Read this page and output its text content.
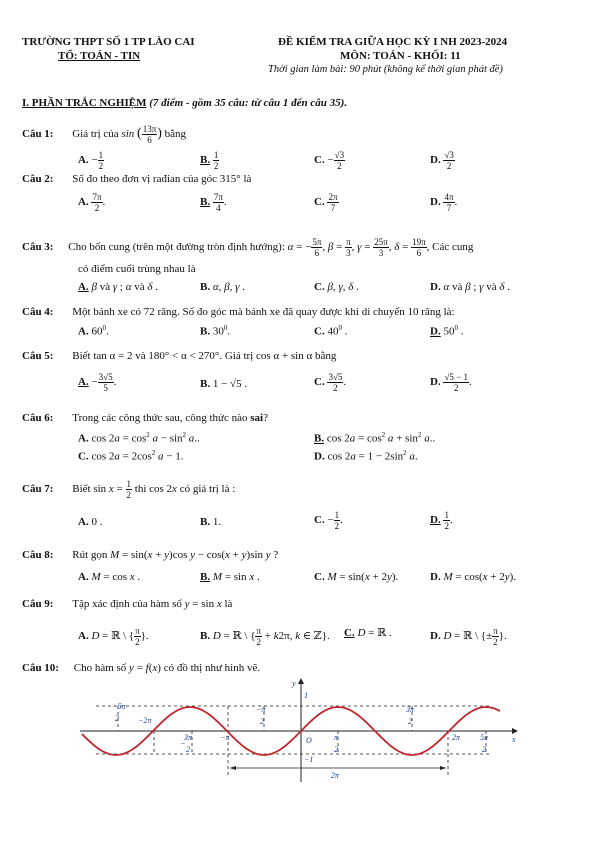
TRƯỜNG THPT SỐ 1 TP LÀO CAI
TỔ: TOÁN - TIN
ĐỀ KIỂM TRA GIỮA HỌC KỲ I NH 2023-2024
MÔN: TOÁN - KHỐI: 11
Thời gian làm bài: 90 phút (không kể thời gian phát đề)
I. PHẦN TRẮC NGHIỆM (7 điểm - gồm 35 câu: từ câu 1 đến câu 35).
Câu 1: Giá trị của sin ( $\frac{13\pi}{6}$ ) bằng
A. − $\frac{1}{2}$	B. $\frac{1}{2}$	C. − $\frac{√3}{2}$	D. $\frac{√3}{2}$
Câu 2: Số đo theo đơn vị rađian của góc 315° là
A. $\frac{7\pi}{2}$ .	B. $\frac{7\pi}{4}$ .	C. $\frac{2\pi}{7}$	D. $\frac{4\pi}{7}$ .
Câu 3: Cho bốn cung (trên một đường tròn định hướng): α = − $\frac{5\pi}{6}$ , $\beta = \frac{\pi}{3}$ , $\gamma = \frac{25\pi}{3}$ , $\delta = \frac{19\pi}{6}$ , Các cung
có điểm cuối trùng nhau là
A. β và γ ; α và δ .	B. α, β, γ .	C. β, γ, δ .	D. α và β ; γ và δ .
Câu 4: Một bánh xe có 72 răng. Số đo góc mà bánh xe đã quay được khi di chuyển 10 răng là:
A. $60^0$.	B. $30^0$.	C. $40^0$ .	D. $50^0$ .
Câu 5: Biết tan α = 2 và 180° < α < 270°. Giá trị cos α + sin α bằng
A. − $\frac{3√5}{5}$ .	B. 1 − √5 .	C. $\frac{3√5}{2}$ .	D. $\frac{√5 - 1}{2}$ .
Câu 6: Trong các công thức sau, công thức nào sai?
A. $\cos 2a = \cos^2 a - \sin^2 a$..	B. $\cos 2a = \cos^2 a + \sin^2 a$..
C. $\cos 2a = 2\cos^2$ a − 1.	D. $\cos 2a = 1 - 2\sin^2$ a.
Câu 7: Biết $\sin x = \frac{1}{2}$ thì cos 2x có giá trị là :
A. 0 .	B. 1.	C. − $\frac{1}{2}$ .	D. $\frac{1}{2}$ .
Câu 8: Rút gọn M = sin(x + y)cos y − cos(x + y)sin y ?
A. M = cos x .	B. M = sin x .	C. M = sin(x + 2y).	D. M = cos(x + 2y).
Câu 9: Tập xác định của hàm số y = sin x là
A. D = ℝ \ { $\frac{\pi}{2}$ }.	B. D = ℝ \ { $\frac{\pi}{2} + k2\pi$, k ∈ ℤ}. C. D = ℝ .	D. D = ℝ \ {± $\frac{\pi}{2}$ }.
Câu 10: Cho hàm số y = f(x) có đồ thị như hình vẽ.
−5π
2 −2π
3π
2
−
−π
−π
2
O	π
2
3π
2
2π 5π
2
1
−1
y
x
2π
